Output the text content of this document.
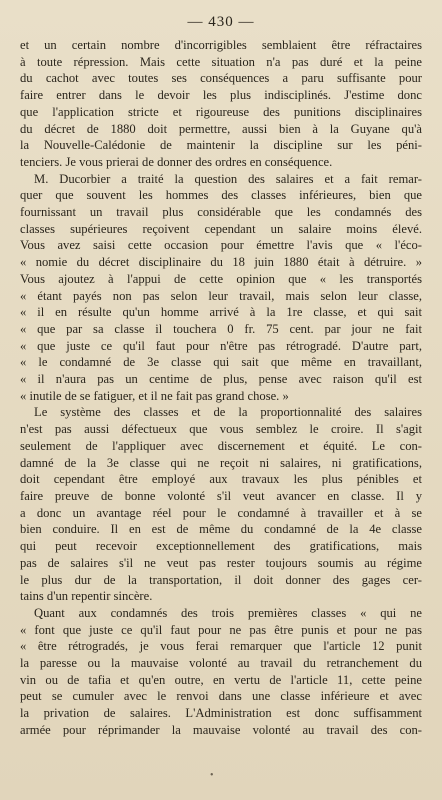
— 430 —
et un certain nombre d'incorrigibles semblaient être réfractaires
à toute répression. Mais cette situation n'a pas duré et la peine
du cachot avec toutes ses conséquences a paru suffisante pour
faire entrer dans le devoir les plus indisciplinés. J'estime donc
que l'application stricte et rigoureuse des punitions disciplinaires
du décret de 1880 doit permettre, aussi bien à la Guyane qu'à
la Nouvelle-Calédonie de maintenir la discipline sur les péni-
tenciers. Je vous prierai de donner des ordres en conséquence.
M. Ducorbier a traité la question des salaires et a fait remar-
quer que souvent les hommes des classes inférieures, bien que
fournissant un travail plus considérable que les condamnés des
classes supérieures reçoivent cependant un salaire moins élevé.
Vous avez saisi cette occasion pour émettre l'avis que « l'éco-
« nomie du décret disciplinaire du 18 juin 1880 était à détruire. »
Vous ajoutez à l'appui de cette opinion que « les transportés
« étant payés non pas selon leur travail, mais selon leur classe,
« il en résulte qu'un homme arrivé à la 1re classe, et qui sait
« que par sa classe il touchera 0 fr. 75 cent. par jour ne fait
« que juste ce qu'il faut pour n'être pas rétrogradé. D'autre part,
« le condamné de 3e classe qui sait que même en travaillant,
« il n'aura pas un centime de plus, pense avec raison qu'il est
« inutile de se fatiguer, et il ne fait pas grand chose. »
Le système des classes et de la proportionnalité des salaires
n'est pas aussi défectueux que vous semblez le croire. Il s'agit
seulement de l'appliquer avec discernement et équité. Le con-
damné de la 3e classe qui ne reçoit ni salaires, ni gratifications,
doit cependant être employé aux travaux les plus pénibles et
faire preuve de bonne volonté s'il veut avancer en classe. Il y
a donc un avantage réel pour le condamné à travailler et à se
bien conduire. Il en est de même du condamné de la 4e classe
qui peut recevoir exceptionnellement des gratifications, mais
pas de salaires s'il ne veut pas rester toujours soumis au régime
le plus dur de la transportation, il doit donner des gages cer-
tains d'un repentir sincère.
Quant aux condamnés des trois premières classes « qui ne
« font que juste ce qu'il faut pour ne pas être punis et pour ne pas
« être rétrogradés, je vous ferai remarquer que l'article 12 punit
la paresse ou la mauvaise volonté au travail du retranchement du
vin ou de tafia et qu'en outre, en vertu de l'article 11, cette peine
peut se cumuler avec le renvoi dans une classe inférieure et avec
la privation de salaires. L'Administration est donc suffisamment
armée pour réprimander la mauvaise volonté au travail des con-
•
